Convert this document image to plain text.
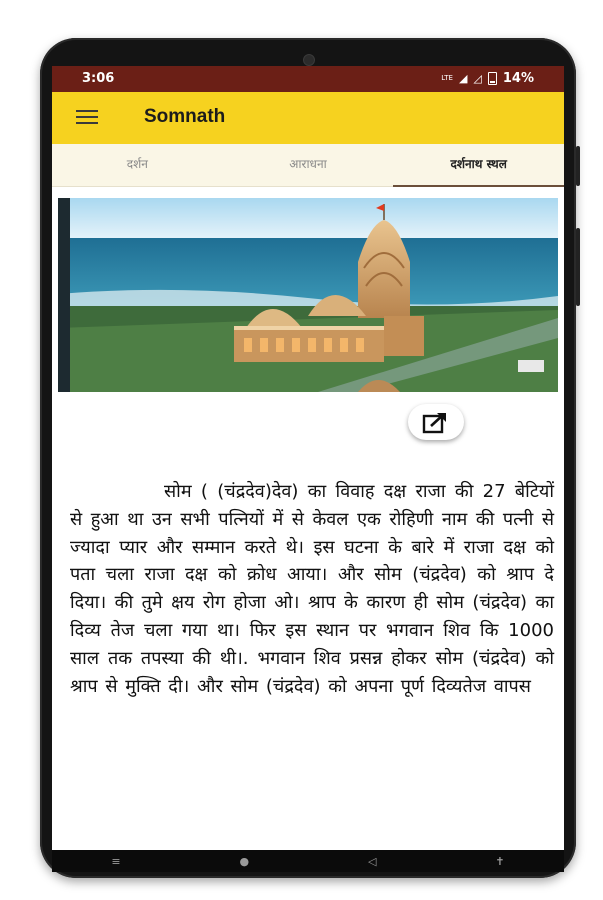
3:06	LTE ◢ ◿ 14%
Somnath
दर्शन	आराधना	दर्शनाथ स्थल
सोम ( (चंद्रदेव)देव) का विवाह दक्ष राजा की 27 बेटियों से हुआ था उन सभी पत्नियों में से केवल एक रोहिणी नाम की पत्नी से ज्यादा प्यार और सम्मान करते थे। इस घटना के बारे में राजा दक्ष को पता चला राजा दक्ष को क्रोध आया। और सोम (चंद्रदेव) को श्राप दे दिया। की तुमे क्षय रोग होजा ओ। श्राप के कारण ही सोम (चंद्रदेव) का दिव्य तेज चला गया था। फिर इस स्थान पर भगवान शिव कि 1000 साल तक तपस्या की थी।. भगवान शिव प्रसन्न होकर सोम (चंद्रदेव) को श्राप से मुक्ति दी। और सोम (चंद्रदेव) को अपना पूर्ण दिव्यतेज वापस
≡	●	◁	✝
